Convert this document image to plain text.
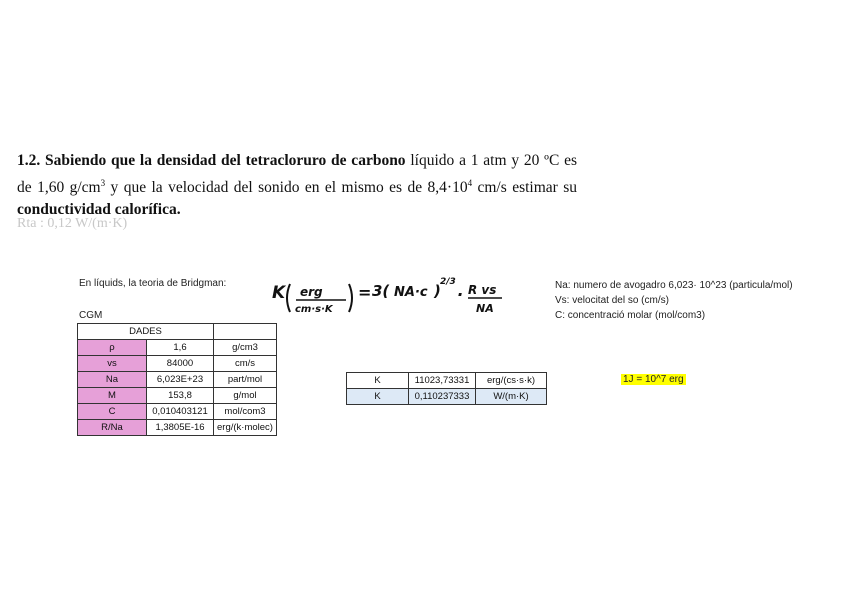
1.2. Sabiendo que la densidad del tetracloruro de carbono líquido a 1 atm y 20 ºC es de 1,60 $g/cm^3$ y que la velocidad del sonido en el mismo es de $8,4\cdot 10^4$ cm/s estimar su conductividad calorífica.

Rta : 0,12 W/(m·K)
En líquids, la teoria de Bridgman:
CGM
Na: numero de avogadro 6,023· 10^23 (particula/mol)
Vs: velocitat del so (cm/s)
C: concentració molar (mol/com3)
K erg
cm·s·K
= 3( NA·c ) 2/3
· R vs
NA
DADES		
ρ	1,6	g/cm3
vs	84000	cm/s
Na	6,023E+23	part/mol
M	153,8	g/mol
C	0,010403121	mol/com3
R/Na	1,3805E-16	erg/(k·molec)
K	11023,73331	erg/(cs·s·k)
K	0,110237333	W/(m·K)
1J = 10^7 erg
